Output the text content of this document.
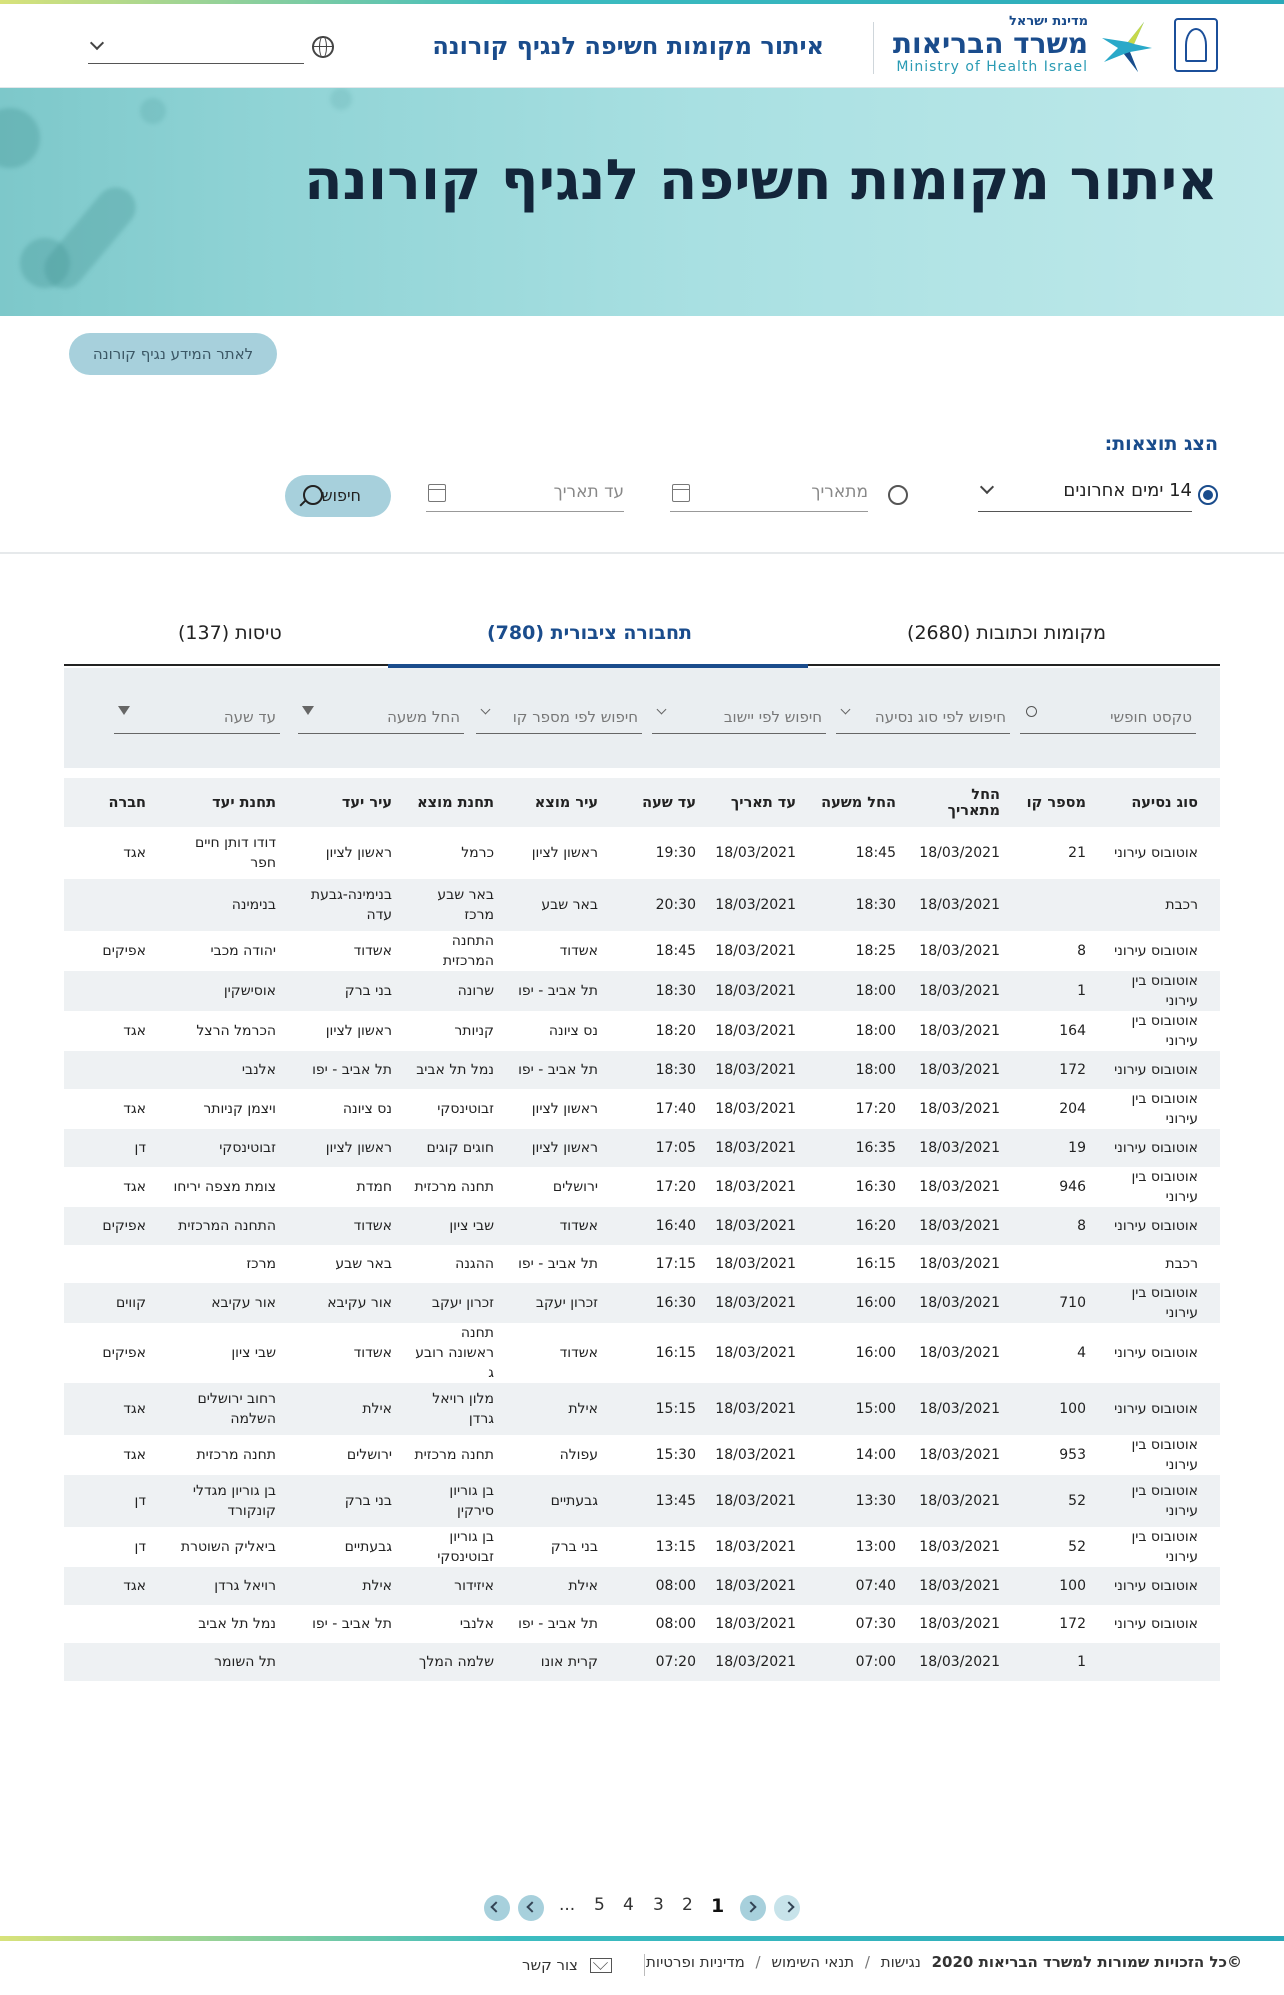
מדינת ישראל
משרד הבריאות
Ministry of Health Israel
איתור מקומות חשיפה לנגיף קורונה
איתור מקומות חשיפה לנגיף קורונה
לאתר המידע נגיף קורונה
הצג תוצאות:
14 ימים אחרונים
מתאריך
עד תאריך
חיפוש
מקומות וכתובות (2680)
תחבורה ציבורית (780)
טיסות (137)
טקסט חופשי
חיפוש לפי סוג נסיעה
חיפוש לפי יישוב
חיפוש לפי מספר קו
החל משעה
עד שעה
סוג נסיעה	מספר קו	החל מתאריך	החל משעה	עד תאריך	עד שעה	עיר מוצא	תחנת מוצא	עיר יעד	תחנת יעד	חברה
אוטובוס עירוני	21	18/03/2021	18:45	18/03/2021	19:30	ראשון לציון	כרמל	ראשון לציון	דודו דותן חיים חפר	אגד
רכבת		18/03/2021	18:30	18/03/2021	20:30	באר שבע	באר שבע מרכז	בנימינה-גבעת עדה	בנימינה	
אוטובוס עירוני	8	18/03/2021	18:25	18/03/2021	18:45	אשדוד	התחנה המרכזית	אשדוד	יהודה מכבי	אפיקים
אוטובוס בין עירוני	1	18/03/2021	18:00	18/03/2021	18:30	תל אביב - יפו	שרונה	בני ברק	אוסישקין	
אוטובוס בין עירוני	164	18/03/2021	18:00	18/03/2021	18:20	נס ציונה	קניותר	ראשון לציון	הכרמל הרצל	אגד
אוטובוס עירוני	172	18/03/2021	18:00	18/03/2021	18:30	תל אביב - יפו	נמל תל אביב	תל אביב - יפו	אלנבי	
אוטובוס בין עירוני	204	18/03/2021	17:20	18/03/2021	17:40	ראשון לציון	זבוטינסקי	נס ציונה	ויצמן קניותר	אגד
אוטובוס עירוני	19	18/03/2021	16:35	18/03/2021	17:05	ראשון לציון	חוגים קוגים	ראשון לציון	זבוטינסקי	דן
אוטובוס בין עירוני	946	18/03/2021	16:30	18/03/2021	17:20	ירושלים	תחנה מרכזית	חמדת	צומת מצפה יריחו	אגד
אוטובוס עירוני	8	18/03/2021	16:20	18/03/2021	16:40	אשדוד	שבי ציון	אשדוד	התחנה המרכזית	אפיקים
רכבת		18/03/2021	16:15	18/03/2021	17:15	תל אביב - יפו	ההגנה	באר שבע	מרכז	
אוטובוס בין עירוני	710	18/03/2021	16:00	18/03/2021	16:30	זכרון יעקב	זכרון יעקב	אור עקיבא	אור עקיבא	קווים
אוטובוס עירוני	4	18/03/2021	16:00	18/03/2021	16:15	אשדוד	תחנה ראשונה רובע ג	אשדוד	שבי ציון	אפיקים
אוטובוס עירוני	100	18/03/2021	15:00	18/03/2021	15:15	אילת	מלון רויאל גרדן	אילת	רחוב ירושלים השלמה	אגד
אוטובוס בין עירוני	953	18/03/2021	14:00	18/03/2021	15:30	עפולה	תחנה מרכזית	ירושלים	תחנה מרכזית	אגד
אוטובוס בין עירוני	52	18/03/2021	13:30	18/03/2021	13:45	גבעתיים	בן גוריון סירקין	בני ברק	בן גוריון מגדלי קונקורד	דן
אוטובוס בין עירוני	52	18/03/2021	13:00	18/03/2021	13:15	בני ברק	בן גוריון זבוטינסקי	גבעתיים	ביאליק השוטרת	דן
אוטובוס עירוני	100	18/03/2021	07:40	18/03/2021	08:00	אילת	איזידור	אילת	רויאל גרדן	אגד
אוטובוס עירוני	172	18/03/2021	07:30	18/03/2021	08:00	תל אביב - יפו	אלנבי	תל אביב - יפו	נמל תל אביב	
	1	18/03/2021	07:00	18/03/2021	07:20	קרית אונו	שלמה המלך		תל השומר	
1
2
3
4
5
...
©כל הזכויות שמורות למשרד הבריאות 2020 נגישות / תנאי השימוש / מדיניות ופרטיות
צור קשר
